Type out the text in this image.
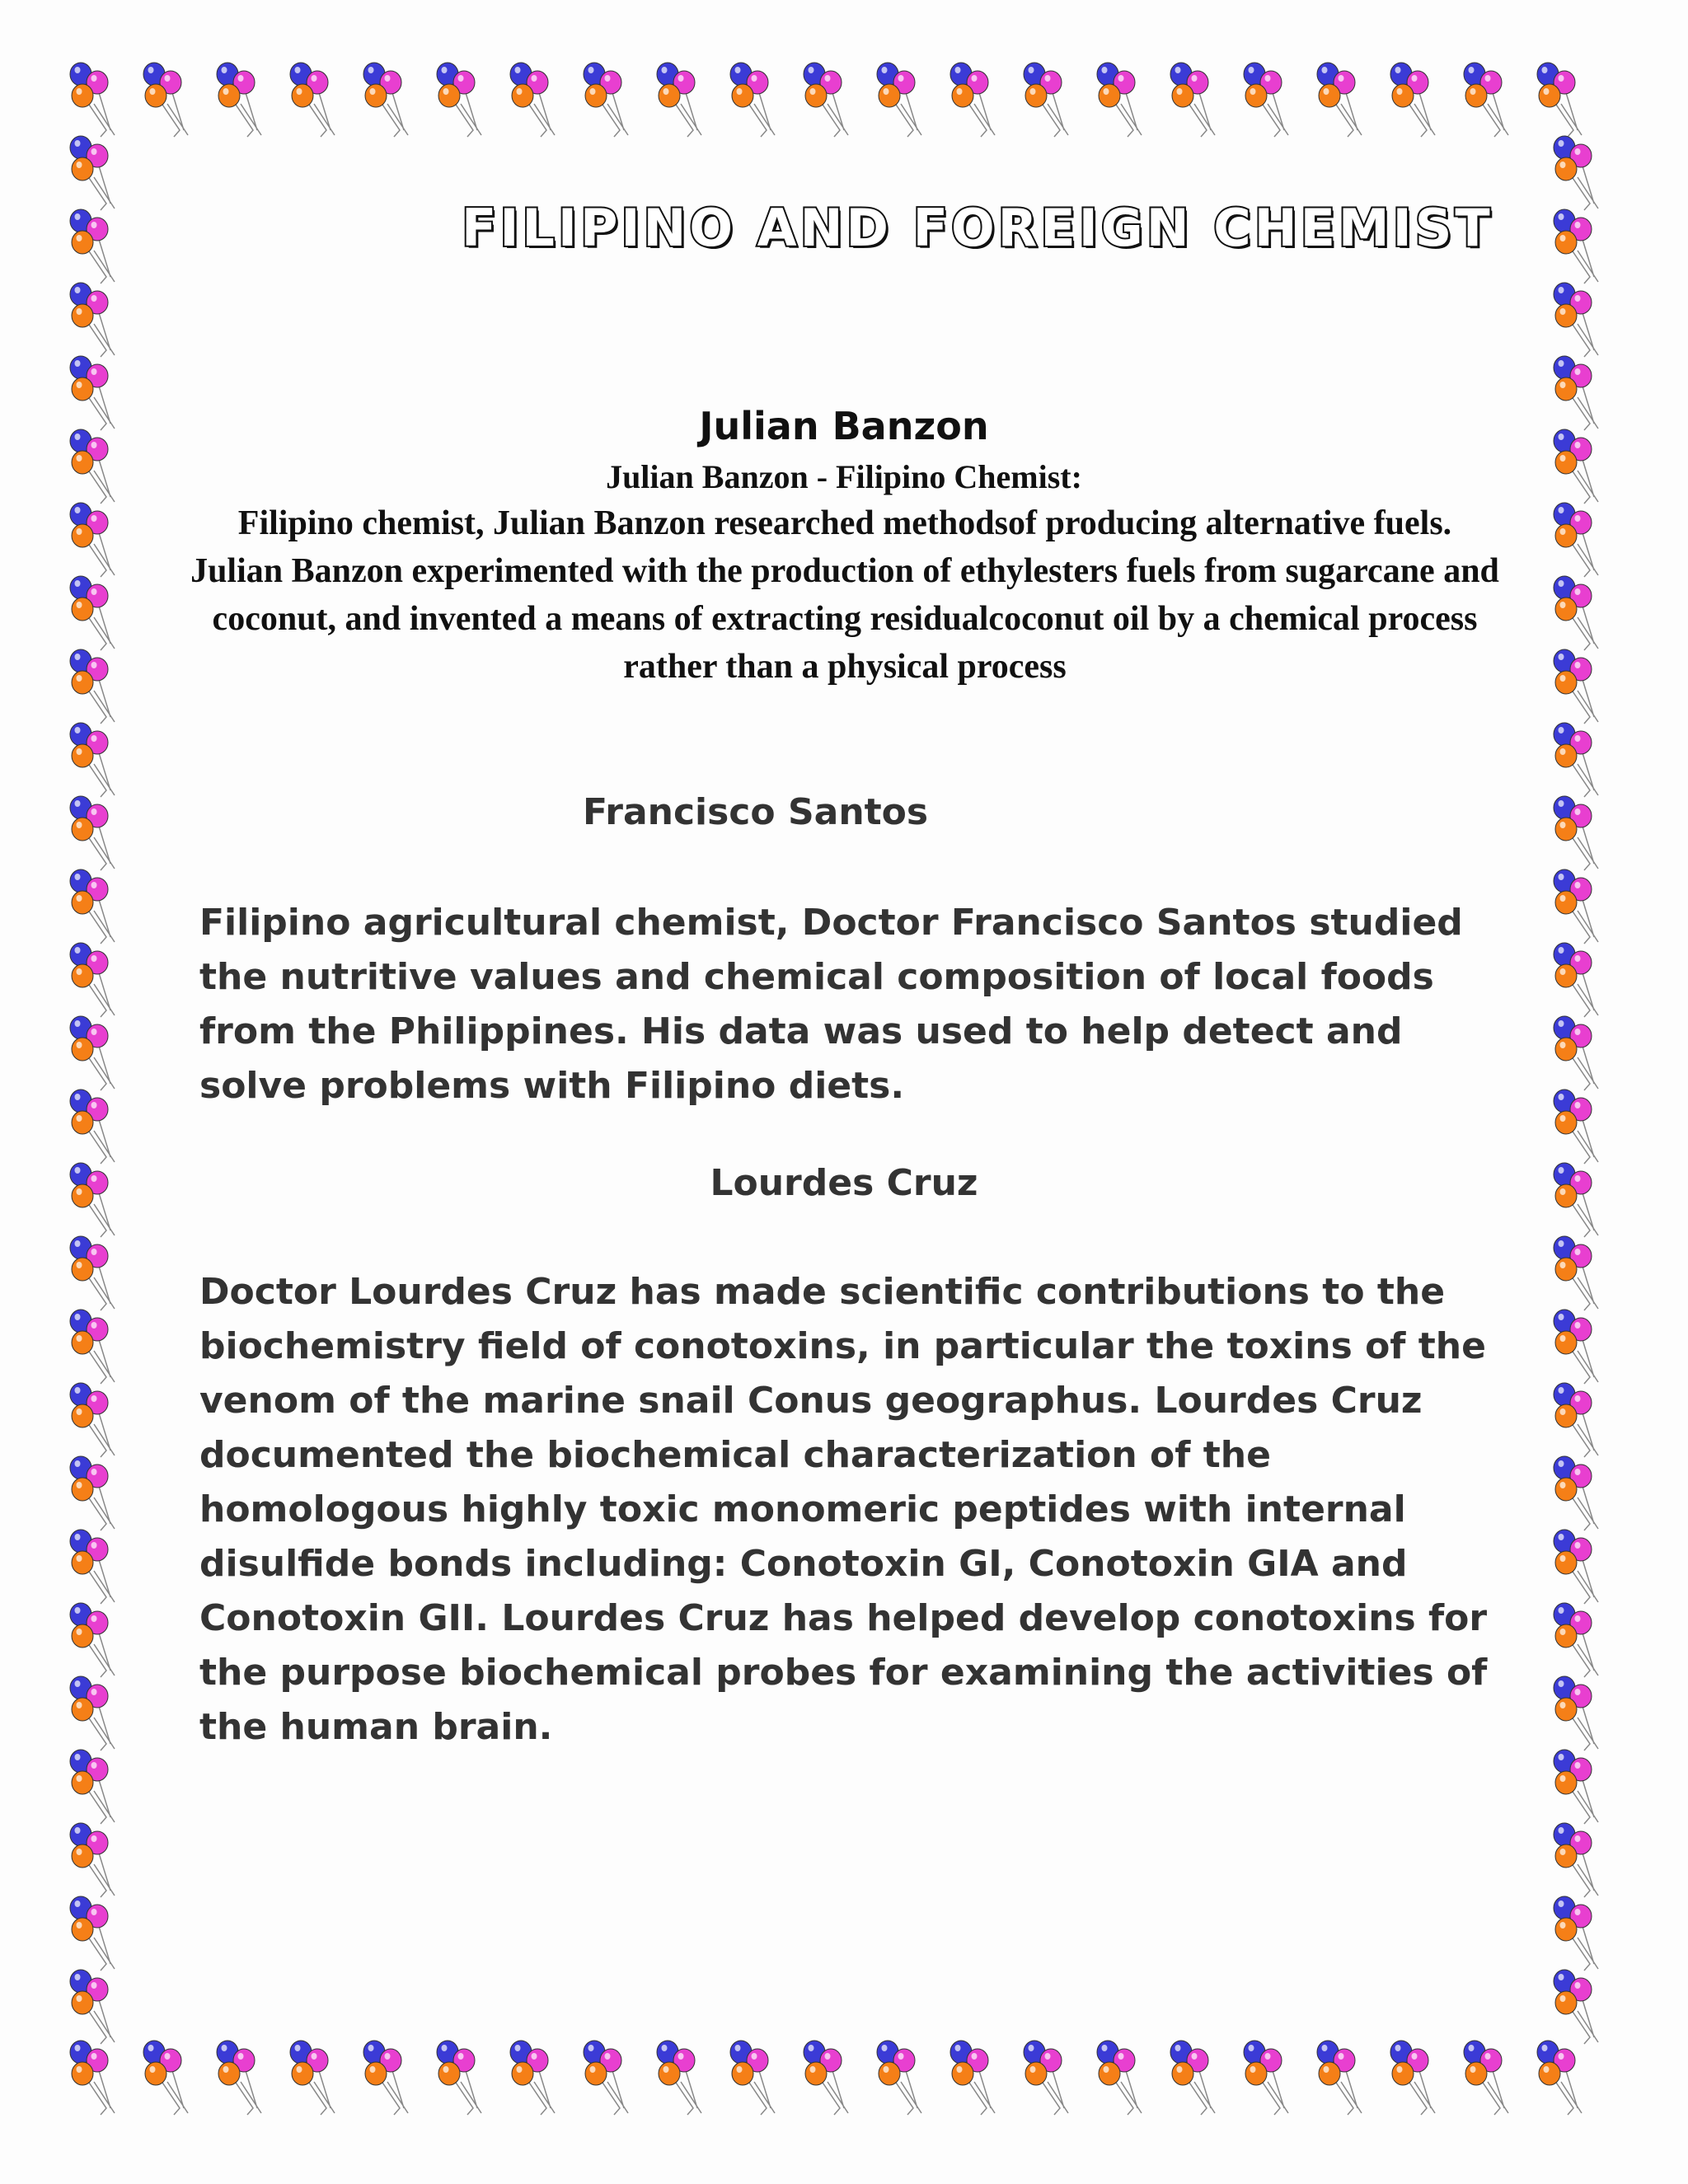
FILIPINO AND FOREIGN CHEMIST
Julian Banzon
Julian Banzon - Filipino Chemist:
Filipino chemist, Julian Banzon researched methodsof producing alternative fuels. Julian Banzon experimented with the production of ethylesters fuels from sugarcane and coconut, and invented a means of extracting residualcoconut oil by a chemical process rather than a physical process
Francisco Santos
Filipino agricultural chemist, Doctor Francisco Santos studied the nutritive values and chemical composition of local foods from the Philippines. His data was used to help detect and solve problems with Filipino diets.
Lourdes Cruz
Doctor Lourdes Cruz has made scientific contributions to the biochemistry field of conotoxins, in particular the toxins of the venom of the marine snail Conus geographus. Lourdes Cruz documented the biochemical characterization of the homologous highly toxic monomeric peptides with internal disulfide bonds including: Conotoxin GI, Conotoxin GIA and Conotoxin GII. Lourdes Cruz has helped develop conotoxins for the purpose biochemical probes for examining the activities of the human brain.
